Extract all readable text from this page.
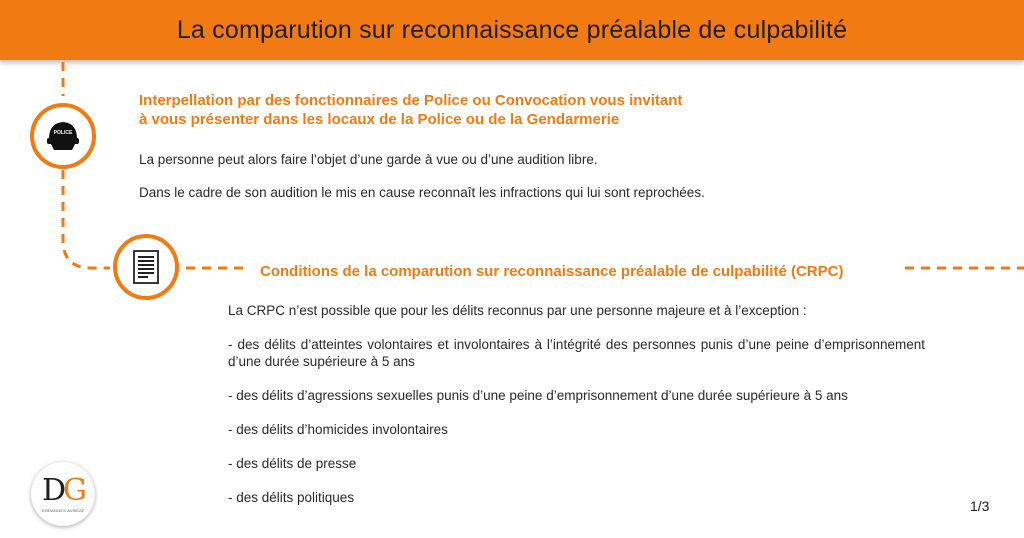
La comparution sur reconnaissance préalable de culpabilité
POLICE

Interpellation par des fonctionnaires de Police ou Convocation vous invitant

à vous présenter dans les locaux de la Police ou de la Gendarmerie

La personne peut alors faire l’objet d’une garde à vue ou d’une audition libre.

Dans le cadre de son audition le mis en cause reconnaît les infractions qui lui sont reprochées.

Conditions de la comparution sur reconnaissance préalable de culpabilité (CRPC)

La CRPC n’est possible que pour les délits reconnus par une personne majeure et à l’exception :

- des délits d’atteintes volontaires et involontaires à l’intégrité des personnes punis d’une peine d’emprisonnement d’une durée supérieure à 5 ans

- des délits d’agressions sexuelles punis d’une peine d’emprisonnement d’une durée supérieure à 5 ans

- des délits d’homicides involontaires

- des délits de presse

- des délits politiques

DG
DORANGES AVOCAT	1/3
